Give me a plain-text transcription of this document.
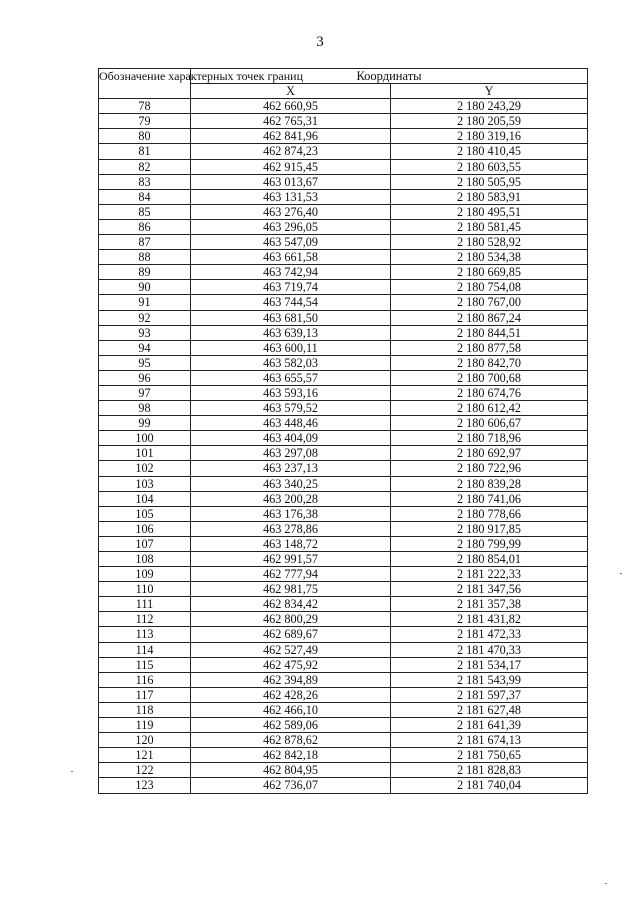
3
Обозначение характерных точек границ	Координаты	
	X	Y
78	462 660,95	2 180 243,29
79	462 765,31	2 180 205,59
80	462 841,96	2 180 319,16
81	462 874,23	2 180 410,45
82	462 915,45	2 180 603,55
83	463 013,67	2 180 505,95
84	463 131,53	2 180 583,91
85	463 276,40	2 180 495,51
86	463 296,05	2 180 581,45
87	463 547,09	2 180 528,92
88	463 661,58	2 180 534,38
89	463 742,94	2 180 669,85
90	463 719,74	2 180 754,08
91	463 744,54	2 180 767,00
92	463 681,50	2 180 867,24
93	463 639,13	2 180 844,51
94	463 600,11	2 180 877,58
95	463 582,03	2 180 842,70
96	463 655,57	2 180 700,68
97	463 593,16	2 180 674,76
98	463 579,52	2 180 612,42
99	463 448,46	2 180 606,67
100	463 404,09	2 180 718,96
101	463 297,08	2 180 692,97
102	463 237,13	2 180 722,96
103	463 340,25	2 180 839,28
104	463 200,28	2 180 741,06
105	463 176,38	2 180 778,66
106	463 278,86	2 180 917,85
107	463 148,72	2 180 799,99
108	462 991,57	2 180 854,01
109	462 777,94	2 181 222,33
110	462 981,75	2 181 347,56
111	462 834,42	2 181 357,38
112	462 800,29	2 181 431,82
113	462 689,67	2 181 472,33
114	462 527,49	2 181 470,33
115	462 475,92	2 181 534,17
116	462 394,89	2 181 543,99
117	462 428,26	2 181 597,37
118	462 466,10	2 181 627,48
119	462 589,06	2 181 641,39
120	462 878,62	2 181 674,13
121	462 842,18	2 181 750,65
122	462 804,95	2 181 828,83
123	462 736,07	2 181 740,04
